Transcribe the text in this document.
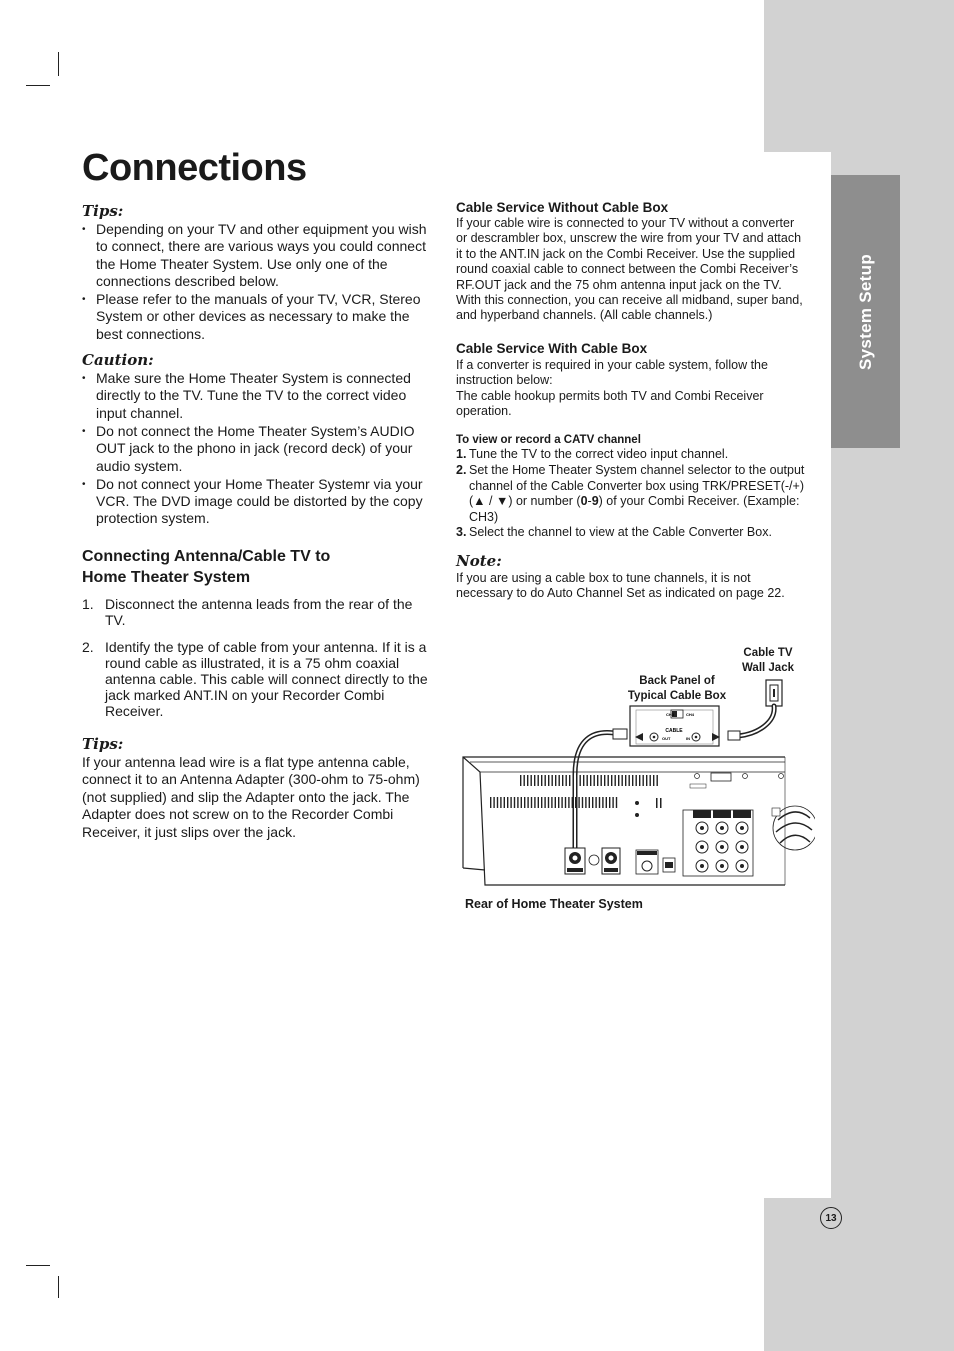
System Setup
13
Connections
Tips:
• Depending on your TV and other equipment you wish to connect, there are various ways you could connect the Home Theater System. Use only one of the connections described below.
• Please refer to the manuals of your TV, VCR, Stereo System or other devices as necessary to make the best connections.
Caution:
• Make sure the Home Theater System is connected directly to the TV. Tune the TV to the correct video input channel.
• Do not connect the Home Theater System’s AUDIO OUT jack to the phono in jack (record deck) of your audio system.
• Do not connect your Home Theater Systemr via your VCR. The DVD image could be distorted by the copy protection system.
Connecting Antenna/Cable TV to
Home Theater System
1. Disconnect the antenna leads from the rear of the TV.
2. Identify the type of cable from your antenna. If it is a round cable as illustrated, it is a 75 ohm coaxial antenna cable. This cable will connect directly to the jack marked ANT.IN on your Recorder Combi Receiver.
Tips:
If your antenna lead wire is a flat type antenna cable, connect it to an Antenna Adapter (300-ohm to 75-ohm) (not supplied) and slip the Adapter onto the jack. The Adapter does not screw on to the Recorder Combi Receiver, it just slips over the jack.
Cable Service Without Cable Box
If your cable wire is connected to your TV without a converter or descrambler box, unscrew the wire from your TV and attach it to the ANT.IN jack on the Combi Receiver. Use the supplied round coaxial cable to connect between the Combi Receiver’s RF.OUT jack and the 75 ohm antenna input jack on the TV. With this connection, you can receive all midband, super band, and hyperband channels. (All cable channels.)
Cable Service With Cable Box
If a converter is required in your cable system, follow the instruction below:
The cable hookup permits both TV and Combi Receiver operation.
To view or record a CATV channel
1. Tune the TV to the correct video input channel.
2. Set the Home Theater System channel selector to the output channel of the Cable Converter box using TRK/PRESET(-/+) (▲ / ▼) or number (0-9) of your Combi Receiver. (Example: CH3)
3. Select the channel to view at the Cable Converter Box.
Note:
If you are using a cable box to tune channels, it is not necessary to do Auto Channel Set as indicated on page 22.
Cable TV
Wall Jack
Back Panel of
Typical Cable Box
Rear of Home Theater System
CH3	CH4
CABLE
OUT	IN
